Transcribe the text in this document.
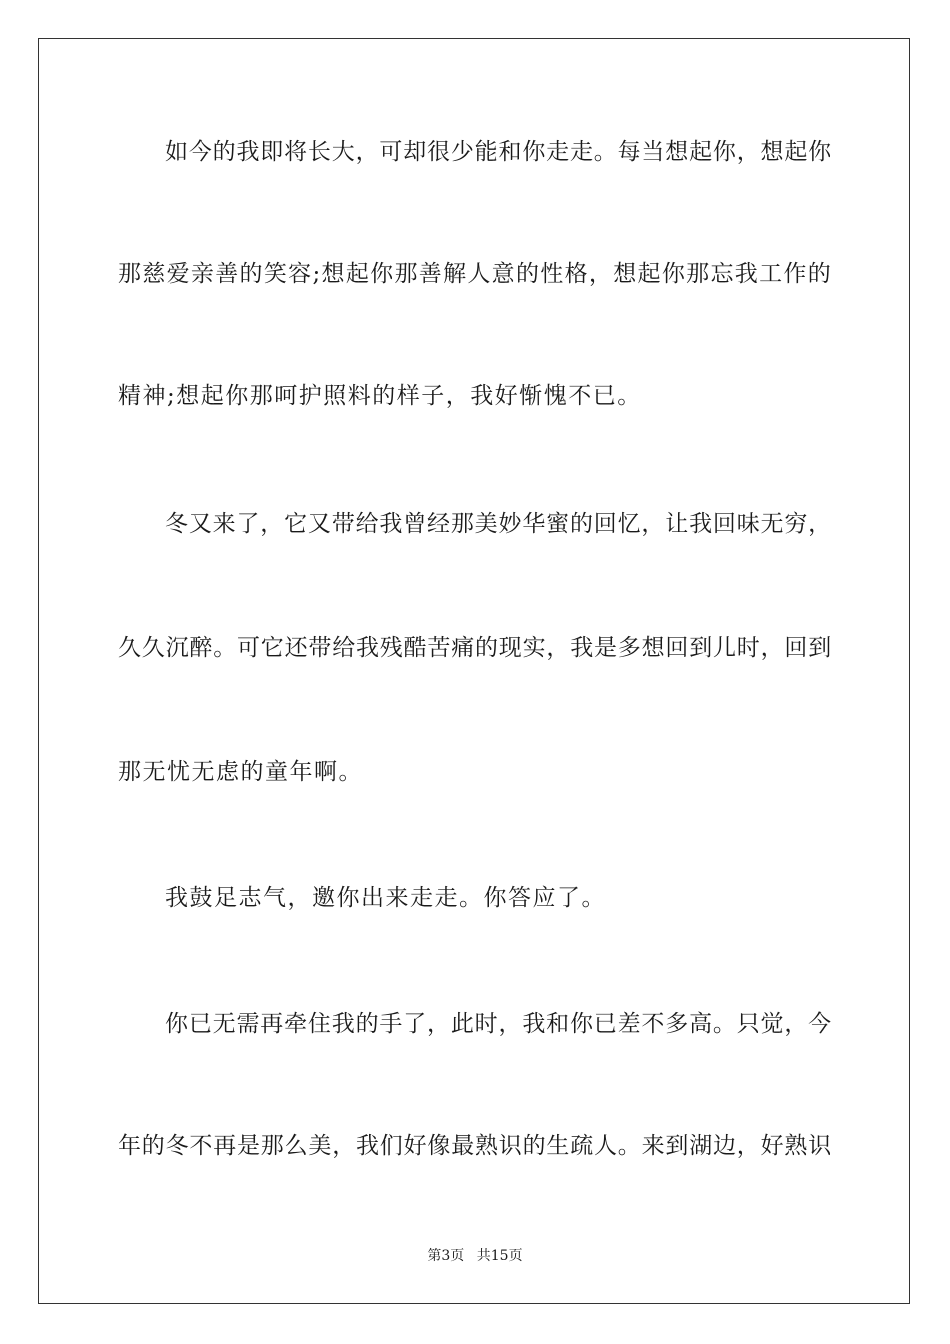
如今的我即将长大，可却很少能和你走走。每当想起你，想起你
那慈爱亲善的笑容;想起你那善解人意的性格，想起你那忘我工作的
精神;想起你那呵护照料的样子，我好惭愧不已。
冬又来了，它又带给我曾经那美妙华蜜的回忆，让我回味无穷，
久久沉醉。可它还带给我残酷苦痛的现实，我是多想回到儿时，回到
那无忧无虑的童年啊。
我鼓足志气，邀你出来走走。你答应了。
你已无需再牵住我的手了，此时，我和你已差不多高。只觉，今
年的冬不再是那么美，我们好像最熟识的生疏人。来到湖边，好熟识
第3页 共15页
